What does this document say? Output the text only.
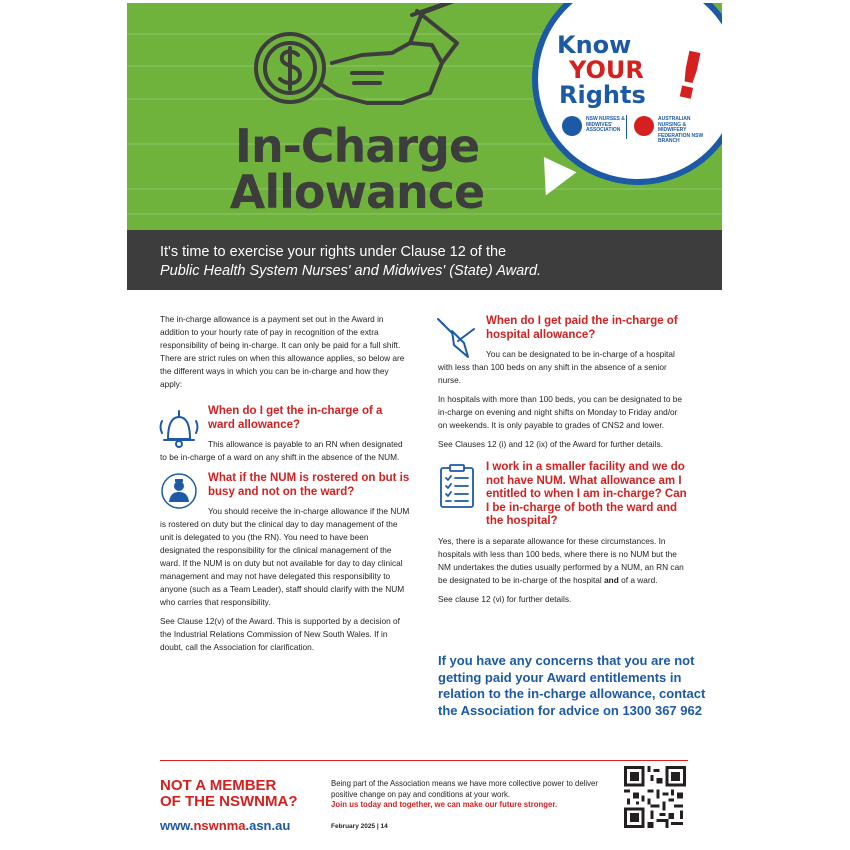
In-Charge
Allowance
Know
YOUR
Rights !
NSW NURSES & MIDWIVES' ASSOCIATION
AUSTRALIAN NURSING & MIDWIFERY FEDERATION NSW BRANCH

It's time to exercise your rights under Clause 12 of the

Public Health System Nurses' and Midwives' (State) Award.

The in-charge allowance is a payment set out in the Award in addition to your hourly rate of pay in recognition of the extra responsibility of being in-charge. It can only be paid for a full shift. There are strict rules on when this allowance applies, so below are the different ways in which you can be in-charge and how they apply:

When do I get the in-charge of a ward allowance?

This allowance is payable to an RN when designated to be in-charge of a ward on any shift in the absence of the NUM.

What if the NUM is rostered on but is busy and not on the ward?

You should receive the in-charge allowance if the NUM is rostered on duty but the clinical day to day management of the unit is delegated to you (the RN). You need to have been designated the responsibility for the clinical management of the ward. If the NUM is on duty but not available for day to day clinical management and may not have delegated this responsibility to anyone (such as a Team Leader), staff should clarify with the NUM who carries that responsibility.

See Clause 12(v) of the Award. This is supported by a decision of the Industrial Relations Commission of New South Wales. If in doubt, call the Association for clarification.

When do I get paid the in-charge of hospital allowance?

You can be designated to be in-charge of a hospital with less than 100 beds on any shift in the absence of a senior nurse.

In hospitals with more than 100 beds, you can be designated to be in-charge on evening and night shifts on Monday to Friday and/or on weekends. It is only payable to grades of CNS2 and lower.

See Clauses 12 (i) and 12 (ix) of the Award for further details.

I work in a smaller facility and we do not have NUM. What allowance am I entitled to when I am in-charge? Can I be in-charge of both the ward and the hospital?

Yes, there is a separate allowance for these circumstances. In hospitals with less than 100 beds, where there is no NUM but the NM undertakes the duties usually performed by a NUM, an RN can be designated to be in-charge of the hospital and of a ward.

See clause 12 (vi) for further details.

If you have any concerns that you are not getting paid your Award entitlements in relation to the in-charge allowance, contact the Association for advice on 1300 367 962
NOT A MEMBER
OF THE NSWNMA?
www.nswnma.asn.au
Being part of the Association means we have more collective power to deliver positive change on pay and conditions at your work.
Join us today and together, we can make our future stronger.
February 2025 | 14
